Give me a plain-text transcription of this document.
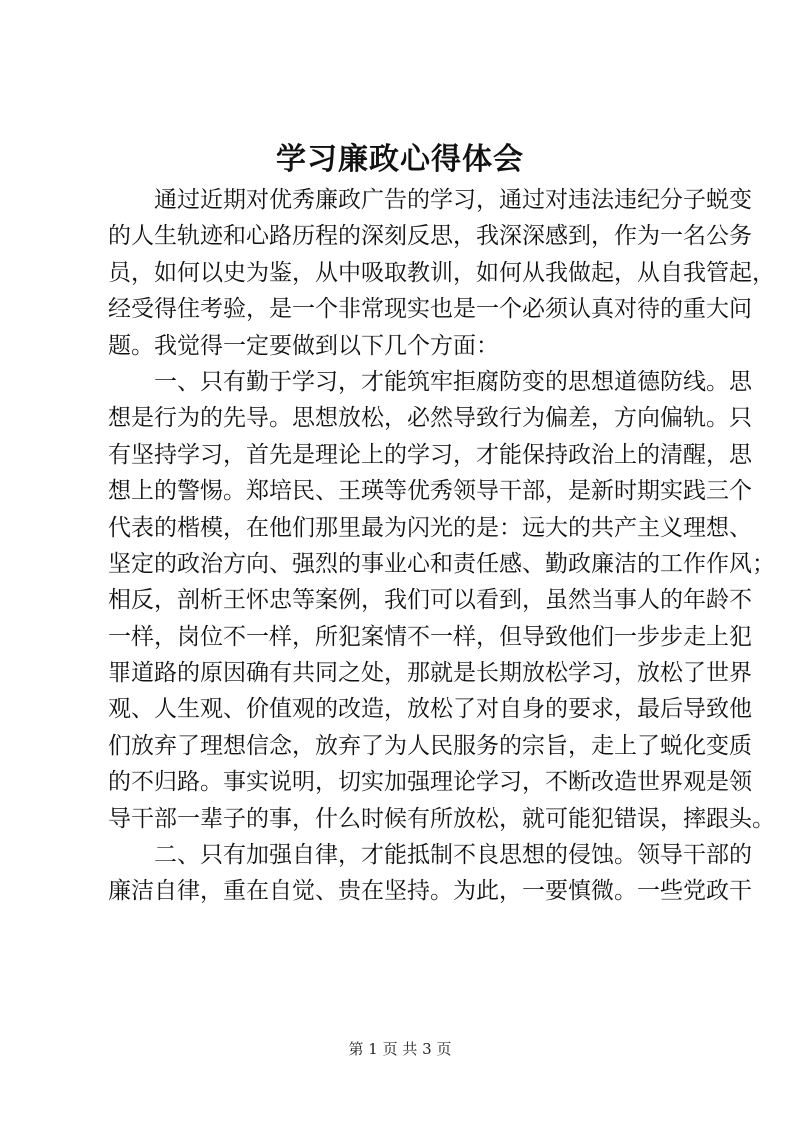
学习廉政心得体会
通过近期对优秀廉政广告的学习，通过对违法违纪分子蜕变
的人生轨迹和心路历程的深刻反思，我深深感到，作为一名公务
员，如何以史为鉴，从中吸取教训，如何从我做起，从自我管起，
经受得住考验，是一个非常现实也是一个必须认真对待的重大问
题。我觉得一定要做到以下几个方面：
一、只有勤于学习，才能筑牢拒腐防变的思想道德防线。思
想是行为的先导。思想放松，必然导致行为偏差，方向偏轨。只
有坚持学习，首先是理论上的学习，才能保持政治上的清醒，思
想上的警惕。郑培民、王瑛等优秀领导干部，是新时期实践三个
代表的楷模，在他们那里最为闪光的是：远大的共产主义理想、
坚定的政治方向、强烈的事业心和责任感、勤政廉洁的工作作风；
相反，剖析王怀忠等案例，我们可以看到，虽然当事人的年龄不
一样，岗位不一样，所犯案情不一样，但导致他们一步步走上犯
罪道路的原因确有共同之处，那就是长期放松学习，放松了世界
观、人生观、价值观的改造，放松了对自身的要求，最后导致他
们放弃了理想信念，放弃了为人民服务的宗旨，走上了蜕化变质
的不归路。事实说明，切实加强理论学习，不断改造世界观是领
导干部一辈子的事，什么时候有所放松，就可能犯错误，摔跟头。
二、只有加强自律，才能抵制不良思想的侵蚀。领导干部的
廉洁自律，重在自觉、贵在坚持。为此，一要慎微。一些党政干
第 1 页 共 3 页
